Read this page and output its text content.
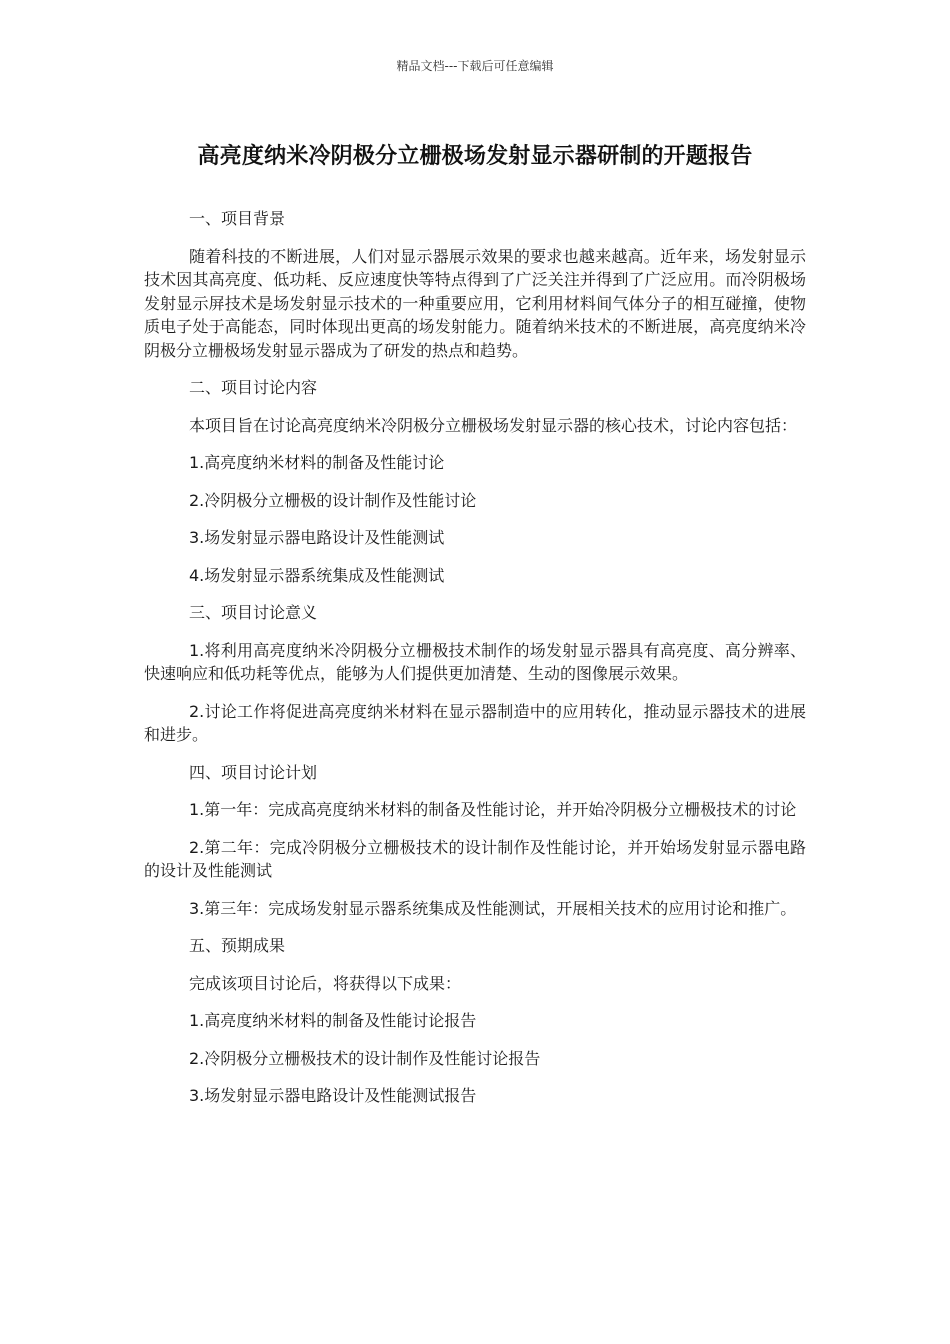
精品文档---下载后可任意编辑
高亮度纳米冷阴极分立栅极场发射显示器研制的开题报告

一、项目背景

随着科技的不断进展，人们对显示器展示效果的要求也越来越高。近年来，场发射显示技术因其高亮度、低功耗、反应速度快等特点得到了广泛关注并得到了广泛应用。而冷阴极场发射显示屏技术是场发射显示技术的一种重要应用，它利用材料间气体分子的相互碰撞，使物质电子处于高能态，同时体现出更高的场发射能力。随着纳米技术的不断进展，高亮度纳米冷阴极分立栅极场发射显示器成为了研发的热点和趋势。

二、项目讨论内容

本项目旨在讨论高亮度纳米冷阴极分立栅极场发射显示器的核心技术，讨论内容包括：

1.高亮度纳米材料的制备及性能讨论

2.冷阴极分立栅极的设计制作及性能讨论

3.场发射显示器电路设计及性能测试

4.场发射显示器系统集成及性能测试

三、项目讨论意义

1.将利用高亮度纳米冷阴极分立栅极技术制作的场发射显示器具有高亮度、高分辨率、快速响应和低功耗等优点，能够为人们提供更加清楚、生动的图像展示效果。

2.讨论工作将促进高亮度纳米材料在显示器制造中的应用转化，推动显示器技术的进展和进步。

四、项目讨论计划

1.第一年：完成高亮度纳米材料的制备及性能讨论，并开始冷阴极分立栅极技术的讨论

2.第二年：完成冷阴极分立栅极技术的设计制作及性能讨论，并开始场发射显示器电路的设计及性能测试

3.第三年：完成场发射显示器系统集成及性能测试，开展相关技术的应用讨论和推广。

五、预期成果

完成该项目讨论后，将获得以下成果：

1.高亮度纳米材料的制备及性能讨论报告

2.冷阴极分立栅极技术的设计制作及性能讨论报告

3.场发射显示器电路设计及性能测试报告
